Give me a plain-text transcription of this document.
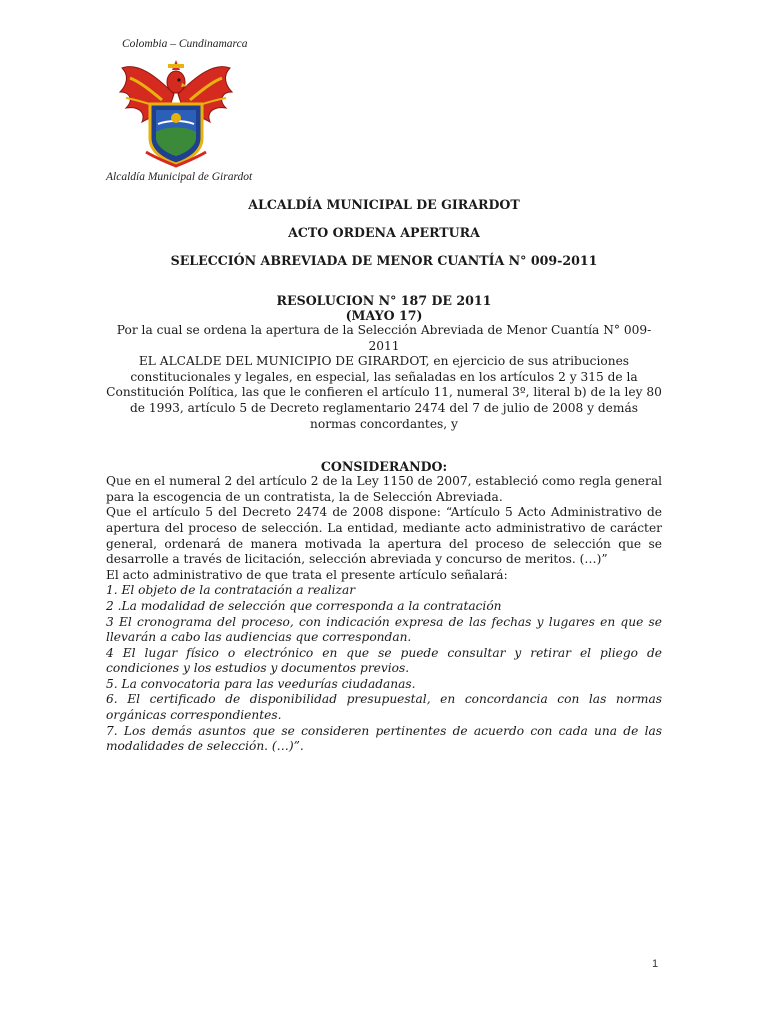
Colombia – Cundinamarca
Alcaldía Municipal de Girardot
ALCALDÍA MUNICIPAL DE GIRARDOT
ACTO ORDENA APERTURA
SELECCIÓN ABREVIADA DE MENOR CUANTÍA N° 009-2011
RESOLUCION N° 187 DE 2011
(MAYO 17)

Por la cual se ordena la apertura de la Selección Abreviada de Menor Cuantía N° 009-2011

EL ALCALDE DEL MUNICIPIO DE GIRARDOT, en ejercicio de sus atribuciones constitucionales y legales, en especial, las señaladas en los artículos 2 y 315 de la Constitución Política, las que le confieren el artículo 11, numeral 3º, literal b) de la ley 80 de 1993, artículo 5 de Decreto reglamentario 2474 del 7 de julio de 2008 y demás normas concordantes, y

CONSIDERANDO:

Que en el numeral 2 del artículo 2 de la Ley 1150 de 2007, estableció como regla general para la escogencia de un contratista, la de Selección Abreviada.

Que el artículo 5 del Decreto 2474 de 2008 dispone: “Artículo 5 Acto Administrativo de apertura del proceso de selección. La entidad, mediante acto administrativo de carácter general, ordenará de manera motivada la apertura del proceso de selección que se desarrolle a través de licitación, selección abreviada y concurso de meritos. (…)”

El acto administrativo de que trata el presente artículo señalará:

1. El objeto de la contratación a realizar

2 .La modalidad de selección que corresponda a la contratación

3 El cronograma del proceso, con indicación expresa de las fechas y lugares en que se llevarán a cabo las audiencias que correspondan.

4 El lugar físico o electrónico en que se puede consultar y retirar el pliego de condiciones y los estudios y documentos previos.

5. La convocatoria para las veedurías ciudadanas.

6. El certificado de disponibilidad presupuestal, en concordancia con las normas orgánicas correspondientes.

7. Los demás asuntos que se consideren pertinentes de acuerdo con cada una de las modalidades de selección. (…)”.

1
